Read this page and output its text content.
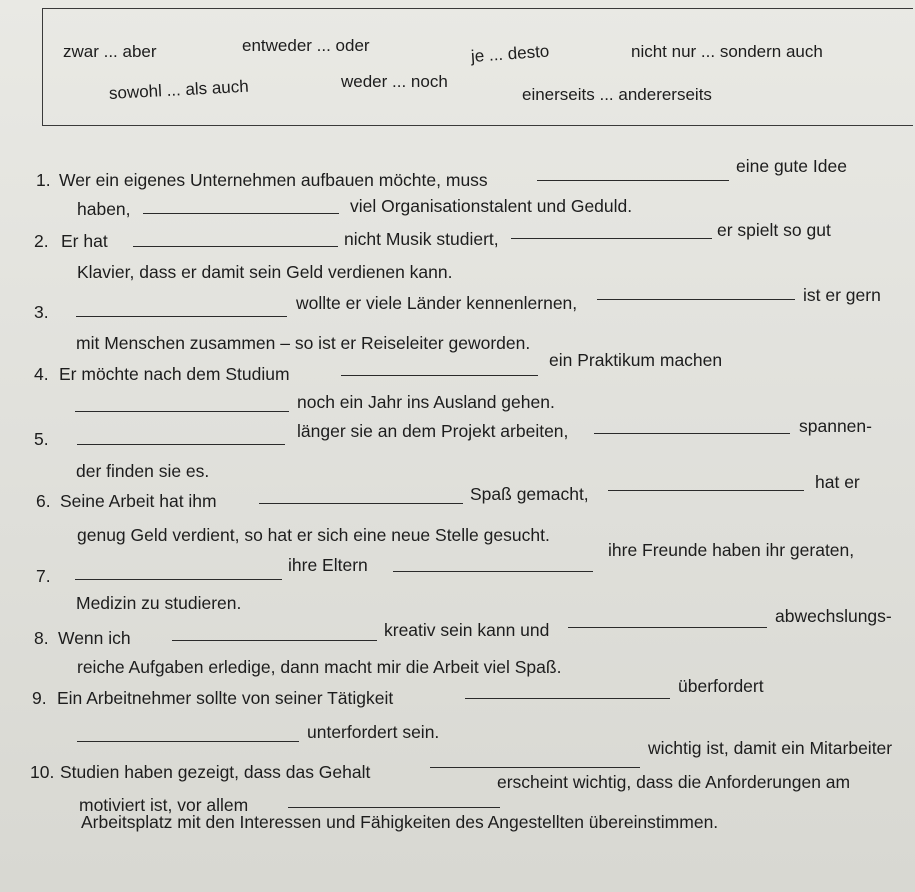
zwar ... aber	entweder ... oder	je ... desto	nicht nur ... sondern auch
sowohl ... als auch	weder ... noch
einerseits ... andererseits
1. Wer ein eigenes Unternehmen aufbauen möchte, muss
eine gute Idee
haben,	viel Organisationstalent und Geduld.
2. Er hat	nicht Musik studiert,	er spielt so gut
Klavier, dass er damit sein Geld verdienen kann.
3.	wollte er viele Länder kennenlernen,	ist er gern
mit Menschen zusammen – so ist er Reiseleiter geworden.
4. Er möchte nach dem Studium
ein Praktikum machen
noch ein Jahr ins Ausland gehen.
5.	länger sie an dem Projekt arbeiten,	spannen-
der finden sie es.
6. Seine Arbeit hat ihm	Spaß gemacht,
hat er
genug Geld verdient, so hat er sich eine neue Stelle gesucht.
7.
ihre Eltern
ihre Freunde haben ihr geraten,
Medizin zu studieren.
8. Wenn ich	kreativ sein kann und
abwechslungs-
reiche Aufgaben erledige, dann macht mir die Arbeit viel Spaß.
9. Ein Arbeitnehmer sollte von seiner Tätigkeit
überfordert
unterfordert sein.
10. Studien haben gezeigt, dass das Gehalt
wichtig ist, damit ein Mitarbeiter
motiviert ist, vor allem
erscheint wichtig, dass die Anforderungen am
Arbeitsplatz mit den Interessen und Fähigkeiten des Angestellten übereinstimmen.
